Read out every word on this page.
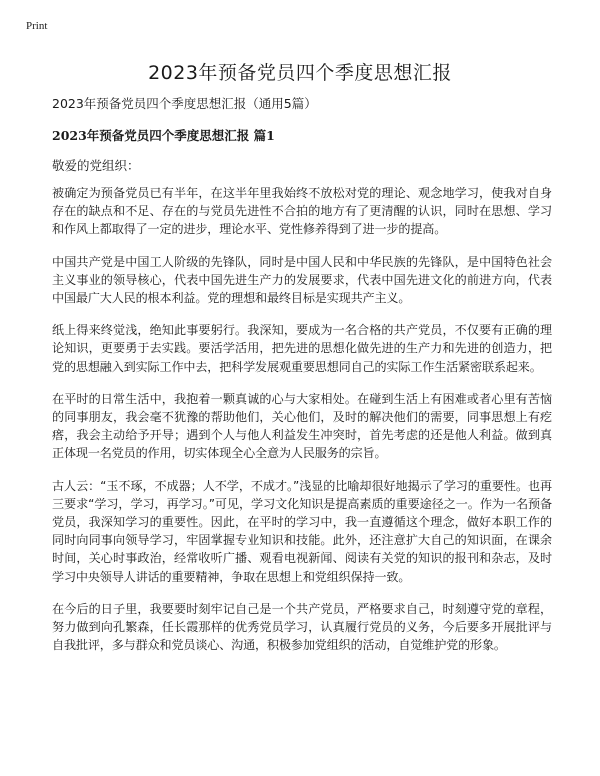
Print
2023年预备党员四个季度思想汇报

2023年预备党员四个季度思想汇报（通用5篇）

2023年预备党员四个季度思想汇报 篇1

敬爱的党组织：

被确定为预备党员已有半年，在这半年里我始终不放松对党的理论、观念地学习，使我对自身存在的缺点和不足、存在的与党员先进性不合拍的地方有了更清醒的认识，同时在思想、学习和作风上都取得了一定的进步，理论水平、党性修养得到了进一步的提高。

中国共产党是中国工人阶级的先锋队，同时是中国人民和中华民族的先锋队，是中国特色社会主义事业的领导核心，代表中国先进生产力的发展要求，代表中国先进文化的前进方向，代表中国最广大人民的根本利益。党的理想和最终目标是实现共产主义。

纸上得来终觉浅，绝知此事要躬行。我深知，要成为一名合格的共产党员，不仅要有正确的理论知识，更要勇于去实践。要活学活用，把先进的思想化做先进的生产力和先进的创造力，把党的思想融入到实际工作中去，把科学发展观重要思想同自己的实际工作生活紧密联系起来。

在平时的日常生活中，我抱着一颗真诚的心与大家相处。在碰到生活上有困难或者心里有苦恼的同事朋友，我会毫不犹豫的帮助他们，关心他们，及时的解决他们的需要，同事思想上有疙瘩，我会主动给予开导；遇到个人与他人利益发生冲突时，首先考虑的还是他人利益。做到真正体现一名党员的作用，切实体现全心全意为人民服务的宗旨。

古人云：“玉不琢，不成器；人不学，不成才。”浅显的比喻却很好地揭示了学习的重要性。也再三要求“学习，学习，再学习。”可见，学习文化知识是提高素质的重要途径之一。作为一名预备党员，我深知学习的重要性。因此，在平时的学习中，我一直遵循这个理念，做好本职工作的同时向同事向领导学习，牢固掌握专业知识和技能。此外，还注意扩大自己的知识面，在课余时间，关心时事政治，经常收听广播、观看电视新闻、阅读有关党的知识的报刊和杂志，及时学习中央领导人讲话的重要精神，争取在思想上和党组织保持一致。

在今后的日子里，我要要时刻牢记自己是一个共产党员，严格要求自己，时刻遵守党的章程，努力做到向孔繁森，任长霞那样的优秀党员学习，认真履行党员的义务，今后要多开展批评与自我批评，多与群众和党员谈心、沟通，积极参加党组织的活动，自觉维护党的形象。
